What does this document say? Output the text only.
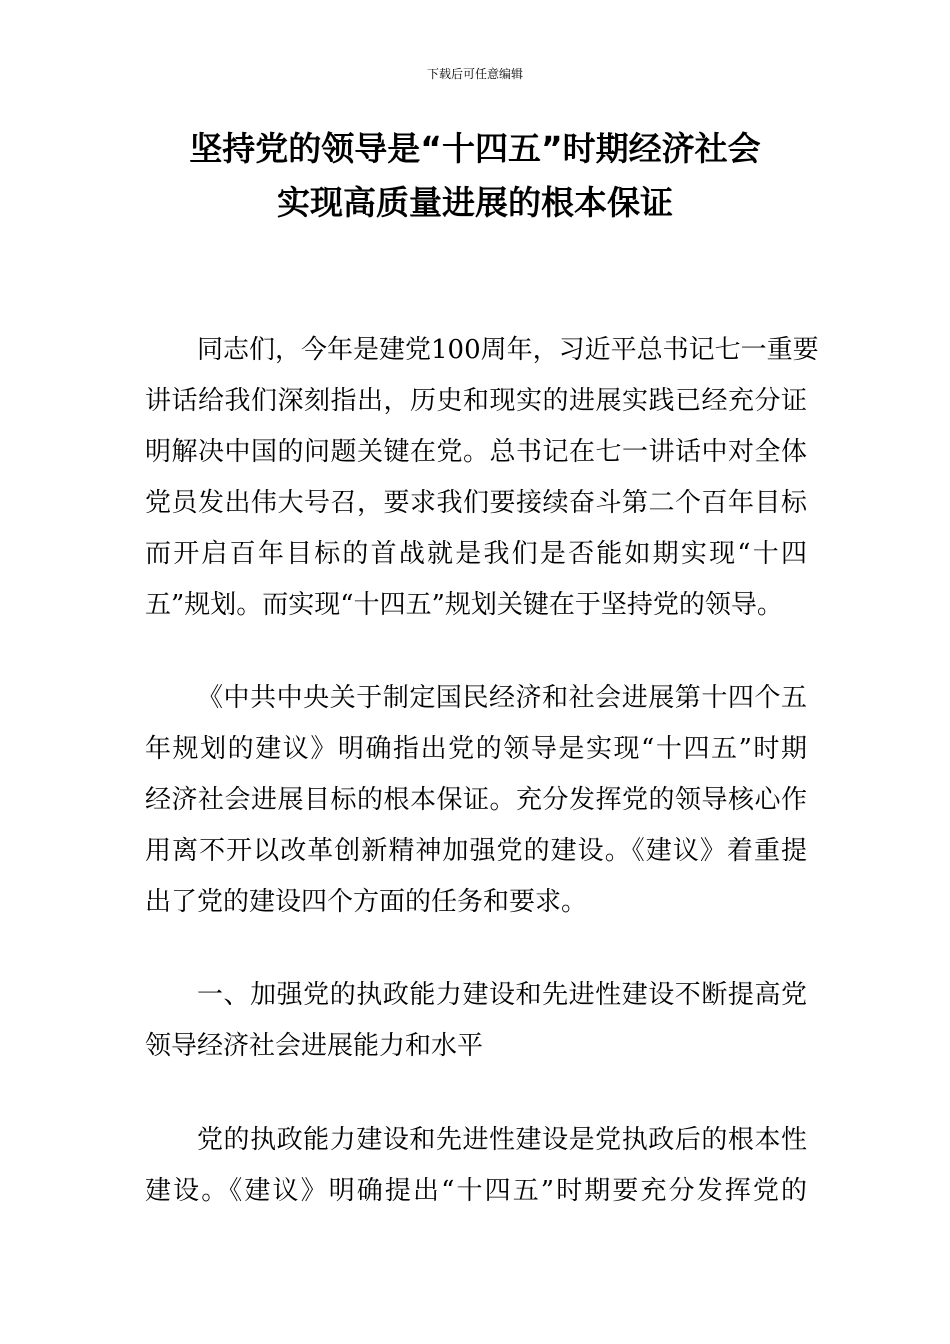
下载后可任意编辑
坚持党的领导是“十四五”时期经济社会
实现高质量进展的根本保证

同志们，今年是建党100周年，习近平总书记七一重要
讲话给我们深刻指出，历史和现实的进展实践已经充分证
明解决中国的问题关键在党。总书记在七一讲话中对全体
党员发出伟大号召，要求我们要接续奋斗第二个百年目标
而开启百年目标的首战就是我们是否能如期实现“十四
五”规划。而实现“十四五”规划关键在于坚持党的领导。

《中共中央关于制定国民经济和社会进展第十四个五
年规划的建议》明确指出党的领导是实现“十四五”时期
经济社会进展目标的根本保证。充分发挥党的领导核心作
用离不开以改革创新精神加强党的建设。《建议》着重提
出了党的建设四个方面的任务和要求。

一、加强党的执政能力建设和先进性建设不断提高党
领导经济社会进展能力和水平

党的执政能力建设和先进性建设是党执政后的根本性
建设。《建议》明确提出“十四五”时期要充分发挥党的
